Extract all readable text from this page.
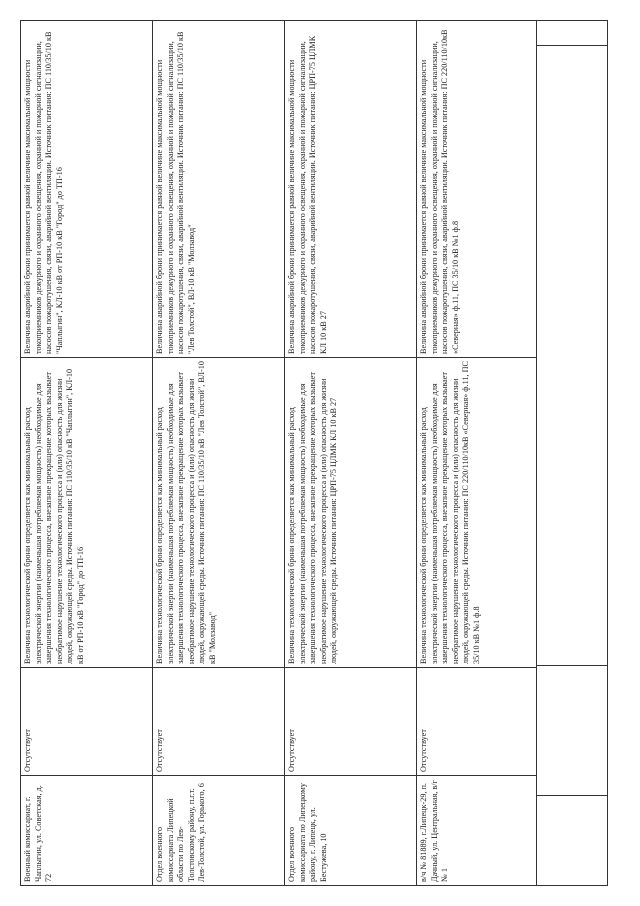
Военный комиссариат, г. Чаплыгин, ул. Советская, д. 72
Отсутствует
Величина технологической брони определяется как минимальный расход электрической энергии (наименьшая потребляемая мощность) необходимые для завершения технологического процесса, внезапное прекращение которых вызывает необратимое нарушение технологического процесса и (или) опасность для жизни людей, окружающей среды. Источник питания: ПС 110/35/10 кВ "Чаплыгин", КЛ-10 кВ от РП-10 кВ "Город" до ТП-16
Величина аварийной брони принимается равной величине максимальной мощности токоприемников дежурного и охранного освещения, охранной и пожарной сигнализации, насосов пожаротушения, связи, аварийной вентиляции. Источник питания: ПС 110/35/10 кВ "Чаплыгин", КЛ-10 кВ от РП-10 кВ "Город" до ТП-16
Отдел военного комиссариата Липецкой области по Лев-Толстовскому району, п.г.т. Лев-Толстой, ул. Горького, 6
Отсутствует
Величина технологической брони определяется как минимальный расход электрической энергии (наименьшая потребляемая мощность) необходимые для завершения технологического процесса, внезапное прекращение которых вызывает необратимое нарушение технологического процесса и (или) опасность для жизни людей, окружающей среды. Источник питания: ПС 110/35/10 кВ "Лев Толстой", ВЛ-10 кВ "Молзавод"
Величина аварийной брони принимается равной величине максимальной мощности токоприемников дежурного и охранного освещения, охранной и пожарной сигнализации, насосов пожаротушения, связи, аварийной вентиляции. Источник питания: ПС 110/35/10 кВ "Лев Толстой", ВЛ-10 кВ "Молзавод"
Отдел военного комиссариата по Липецкому району, г. Липецк, ул. Бестужева, 10
Отсутствует
Величина технологической брони определяется как минимальный расход электрической энергии (наименьшая потребляемая мощность) необходимые для завершения технологического процесса, внезапное прекращение которых вызывает необратимое нарушение технологического процесса и (или) опасность для жизни людей, окружающей среды. Источник питания: ЦРП-75 ЦЛМК КЛ 10 кВ 27
Величина аварийной брони принимается равной величине максимальной мощности токоприемников дежурного и охранного освещения, охранной и пожарной сигнализации, насосов пожаротушения, связи, аварийной вентиляции. Источник питания: ЦРП-75 ЦЛМК КЛ 10 кВ 27
в/ч № 81889, г.Липецк-29, п. Дачный, ул. Центральная, в/г № 1
Отсутствует
Величина технологической брони определяется как минимальный расход электрической энергии (наименьшая потребляемая мощность) необходимые для завершения технологического процесса, внезапное прекращение которых вызывает необратимое нарушение технологического процесса и (или) опасность для жизни людей, окружающей среды. Источник питания: ПС 220/110/10кВ «Северная» ф.11, ПС 35/10 кВ №1 ф.8
Величина аварийной брони принимается равной величине максимальной мощности токоприемников дежурного и охранного освещения, охранной и пожарной сигнализации, насосов пожаротушения, связи, аварийной вентиляции. Источник питания: ПС 220/110/10кВ «Северная» ф.11, ПС 35/10 кВ №1 ф.8
